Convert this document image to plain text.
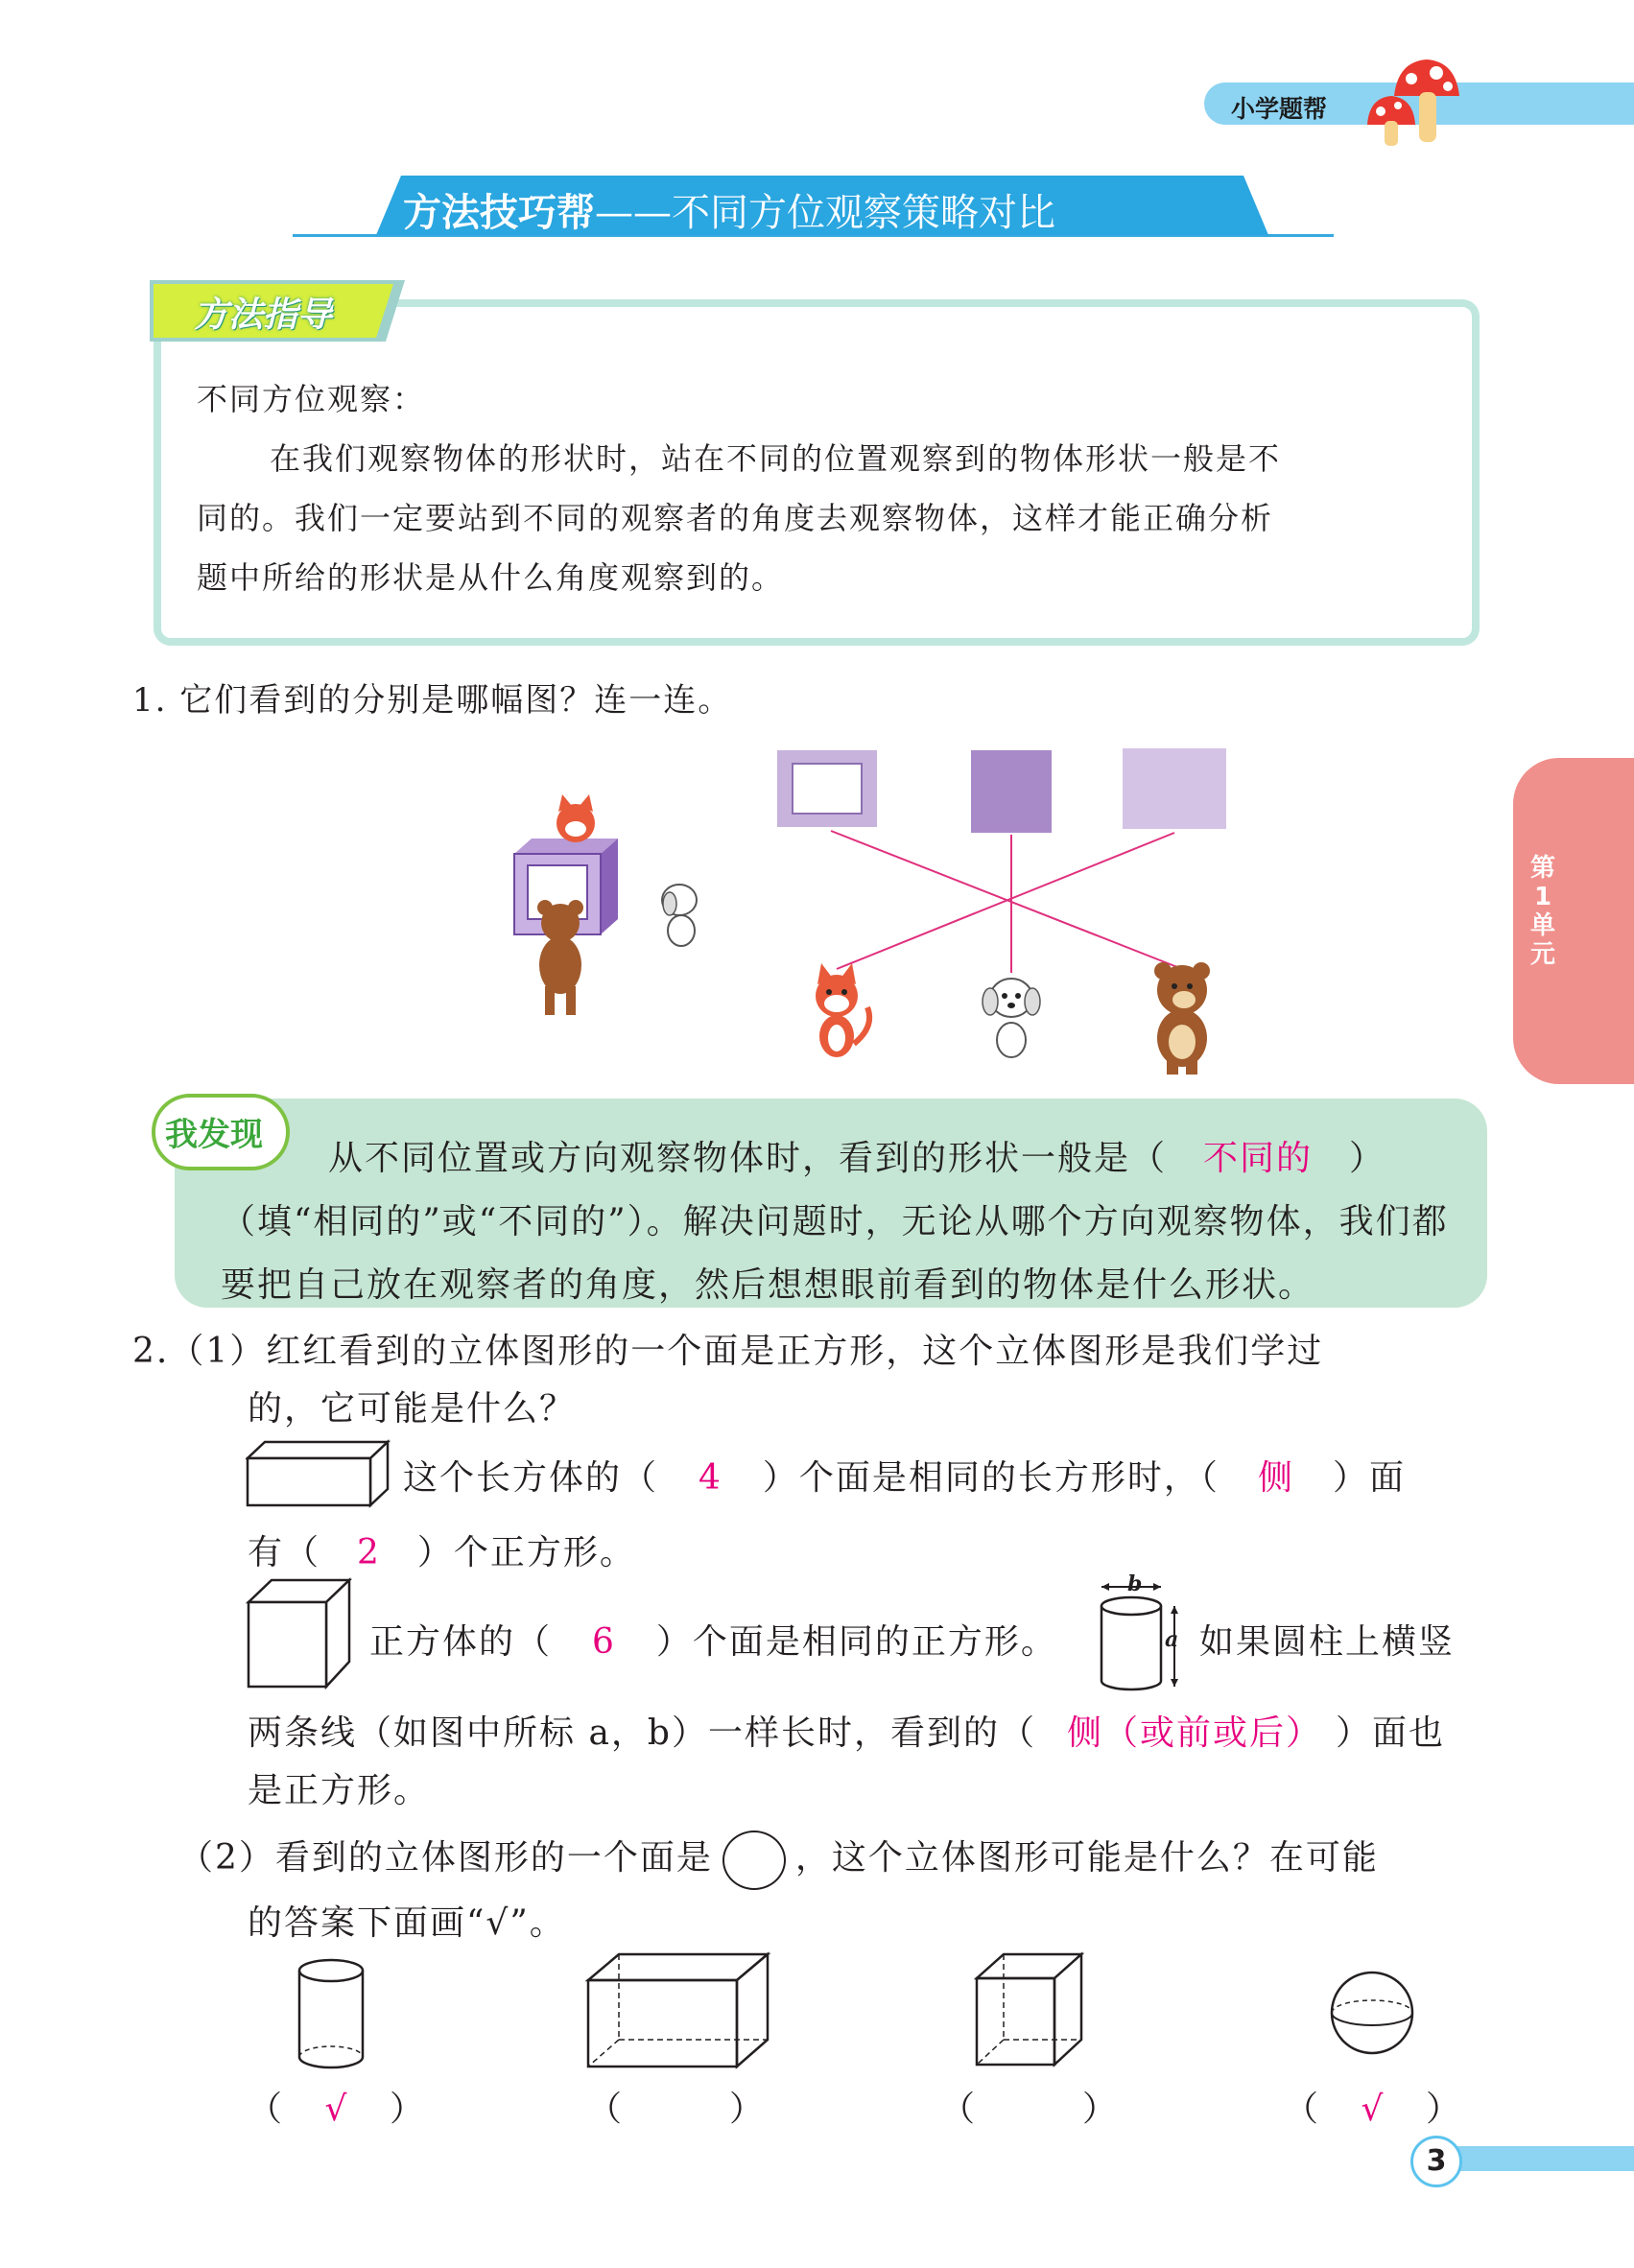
小学题帮
方法技巧帮——不同方位观察策略对比
方法指导

不同方位观察：

在我们观察物体的形状时，站在不同的位置观察到的物体形状一般是不

同的。我们一定要站到不同的观察者的角度去观察物体，这样才能正确分析

题中所给的形状是从什么角度观察到的。

1. 它们看到的分别是哪幅图？连一连。
第1单元
我发现

从不同位置或方向观察物体时，看到的形状一般是（ 不同的 ）

（填“相同的”或“不同的”）。解决问题时，无论从哪个方向观察物体，我们都

要把自己放在观察者的角度，然后想想眼前看到的物体是什么形状。

2.（1）红红看到的立体图形的一个面是正方形，这个立体图形是我们学过
的，它可能是什么？
这个长方体的（ 4 ）个面是相同的长方形时，（ 侧 ）面
有（ 2 ）个正方形。
正方体的（ 6 ）个面是相同的正方形。
b
a 如果圆柱上横竖
两条线（如图中所标 a，b）一样长时，看到的（ 侧（或前或后） ）面也
是正方形。
（2）看到的立体图形的一个面是 ，这个立体图形可能是什么？在可能
的答案下面画“√”。
（ √ ）	（	）	（	）	（ √ ）
3
